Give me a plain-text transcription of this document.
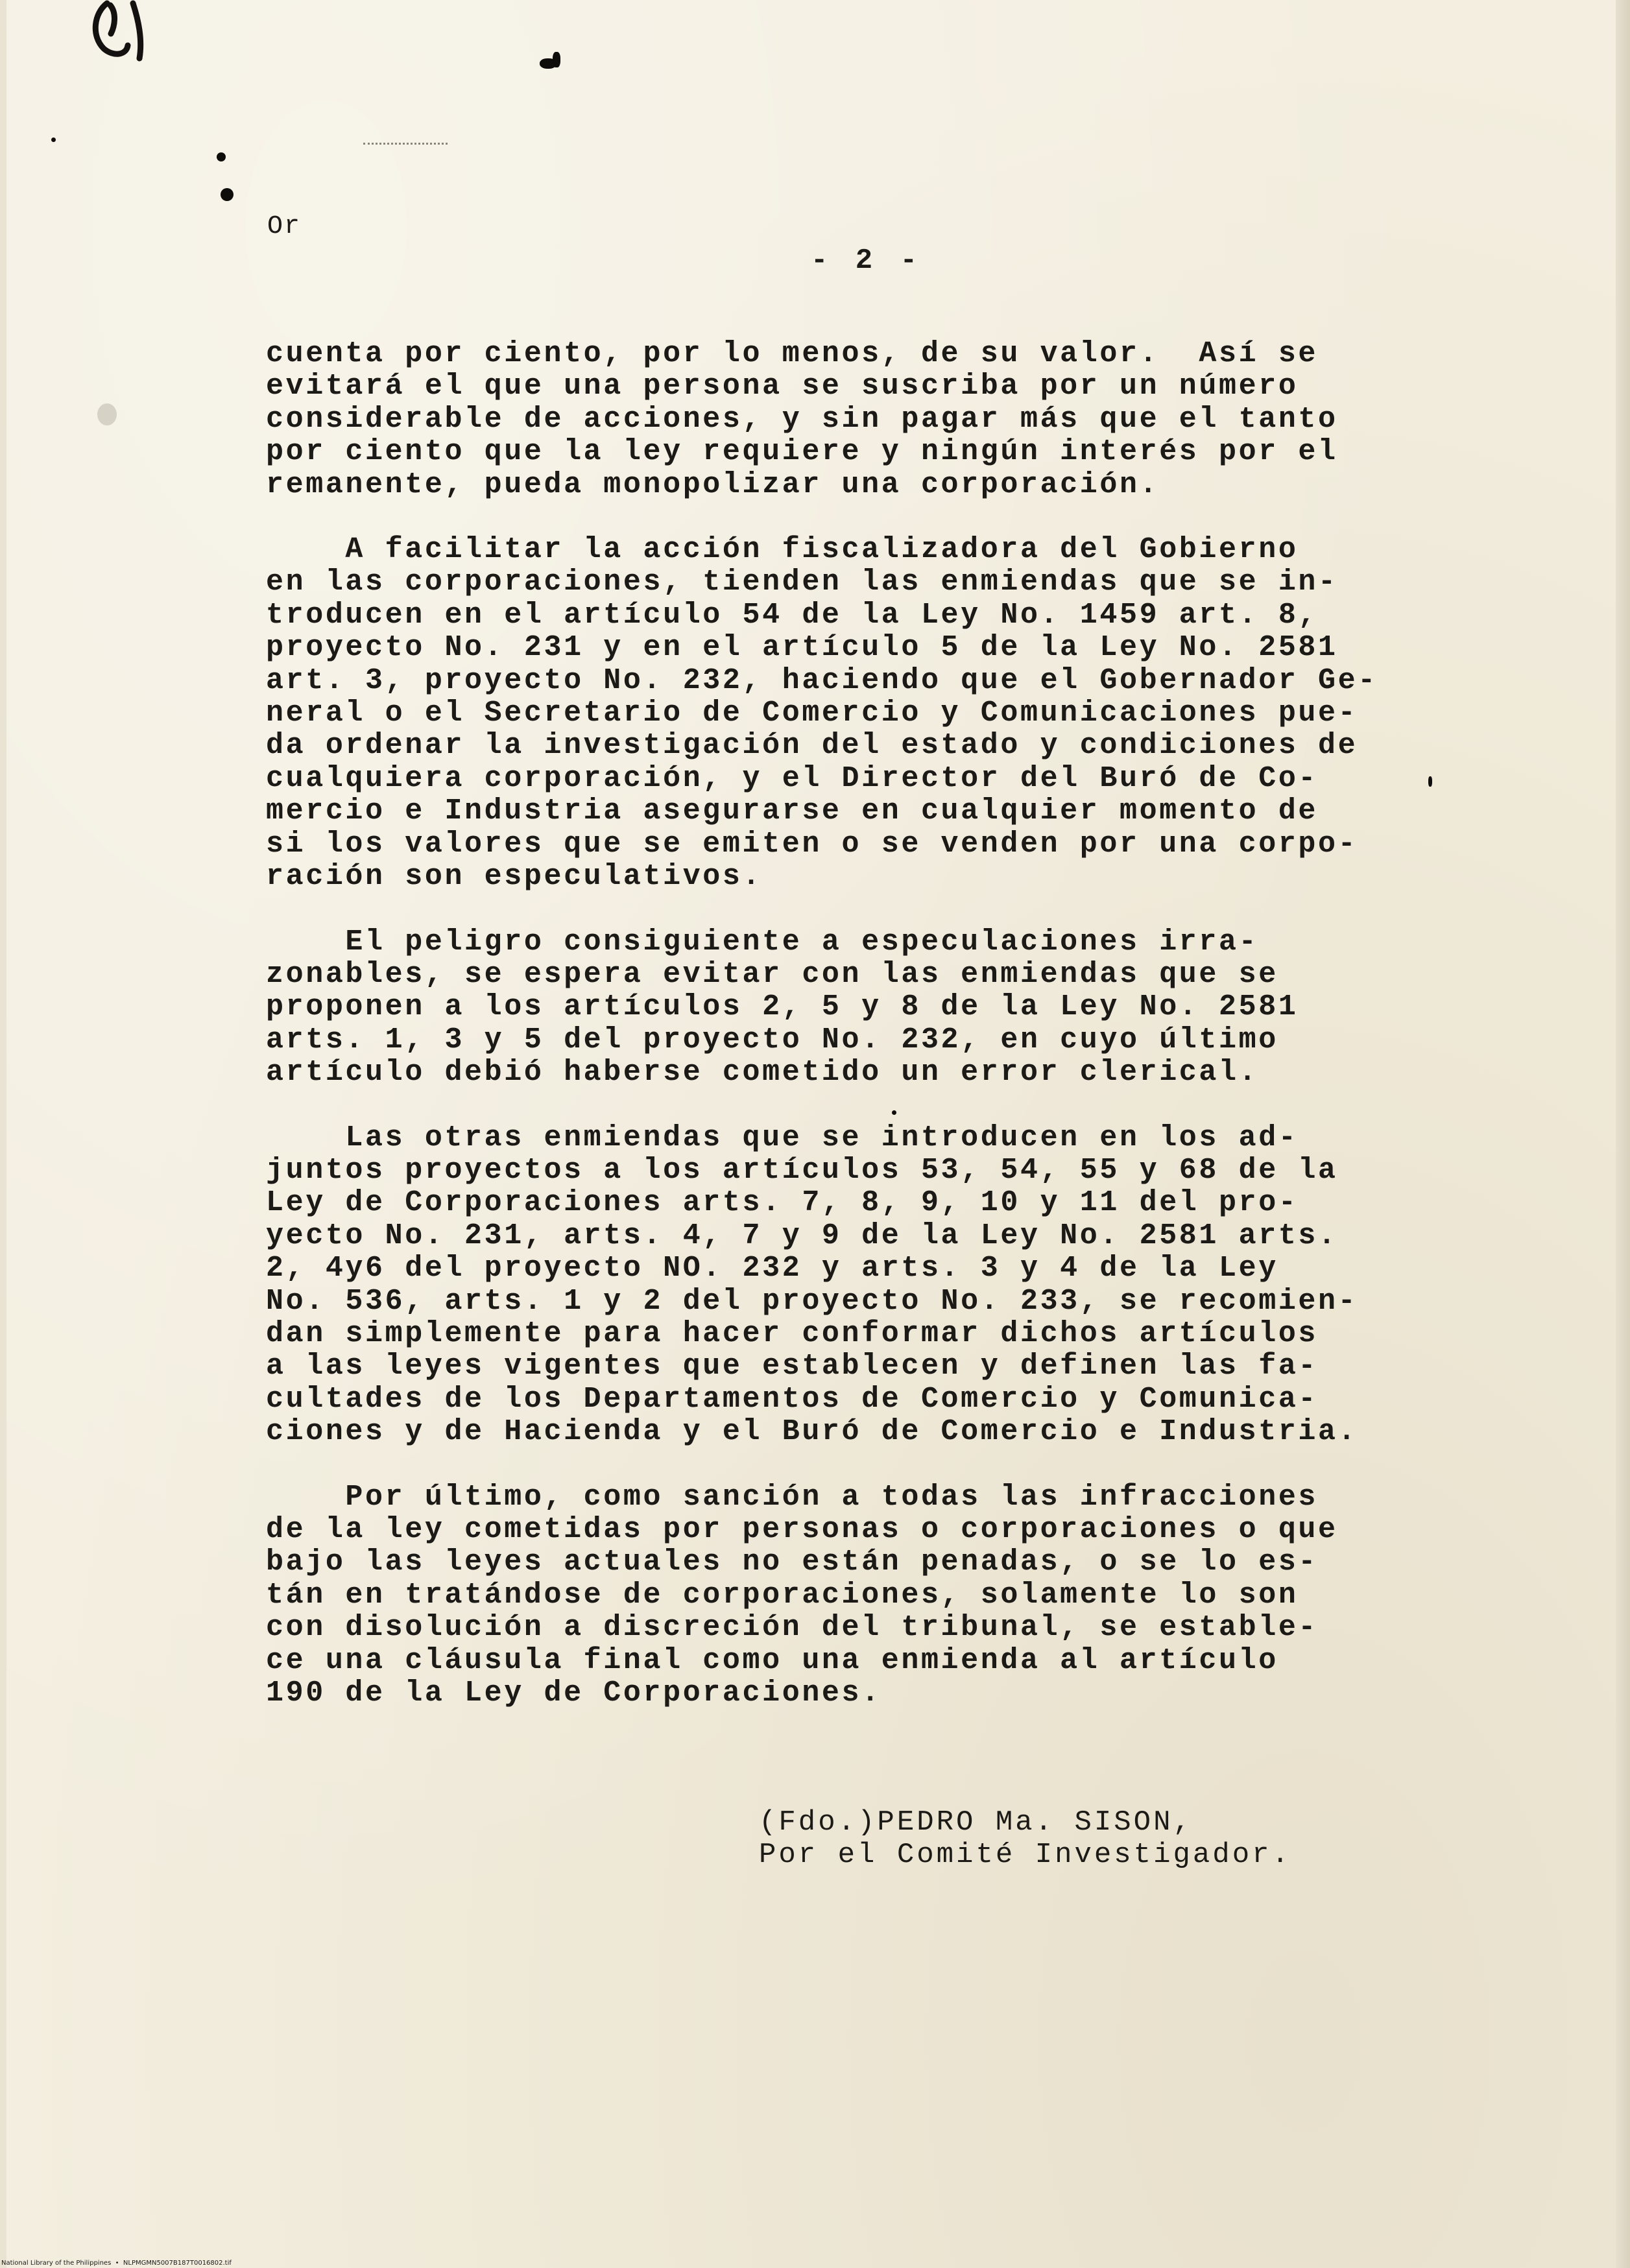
Or
- 2 -
cuenta por ciento, por lo menos, de su valor.  Así se
evitará el que una persona se suscriba por un número
considerable de acciones, y sin pagar más que el tanto
por ciento que la ley requiere y ningún interés por el
remanente, pueda monopolizar una corporación.
A facilitar la acción fiscalizadora del Gobierno
en las corporaciones, tienden las enmiendas que se in-
troducen en el artículo 54 de la Ley No. 1459 art. 8,
proyecto No. 231 y en el artículo 5 de la Ley No. 2581
art. 3, proyecto No. 232, haciendo que el Gobernador Ge-
neral o el Secretario de Comercio y Comunicaciones pue-
da ordenar la investigación del estado y condiciones de
cualquiera corporación, y el Director del Buró de Co-
mercio e Industria asegurarse en cualquier momento de
si los valores que se emiten o se venden por una corpo-
ración son especulativos.
El peligro consiguiente a especulaciones irra-
zonables, se espera evitar con las enmiendas que se
proponen a los artículos 2, 5 y 8 de la Ley No. 2581
arts. 1, 3 y 5 del proyecto No. 232, en cuyo último
artículo debió haberse cometido un error clerical.
Las otras enmiendas que se introducen en los ad-
juntos proyectos a los artículos 53, 54, 55 y 68 de la
Ley de Corporaciones arts. 7, 8, 9, 10 y 11 del pro-
yecto No. 231, arts. 4, 7 y 9 de la Ley No. 2581 arts.
2, 4y6 del proyecto NO. 232 y arts. 3 y 4 de la Ley
No. 536, arts. 1 y 2 del proyecto No. 233, se recomien-
dan simplemente para hacer conformar dichos artículos
a las leyes vigentes que establecen y definen las fa-
cultades de los Departamentos de Comercio y Comunica-
ciones y de Hacienda y el Buró de Comercio e Industria.
Por último, como sanción a todas las infracciones
de la ley cometidas por personas o corporaciones o que
bajo las leyes actuales no están penadas, o se lo es-
tán en tratándose de corporaciones, solamente lo son
con disolución a discreción del tribunal, se estable-
ce una cláusula final como una enmienda al artículo
190 de la Ley de Corporaciones.
(Fdo.)PEDRO Ma. SISON,
Por el Comité Investigador.
National Library of the Philippines  •  NLPMGMN5007B187T0016802.tif
